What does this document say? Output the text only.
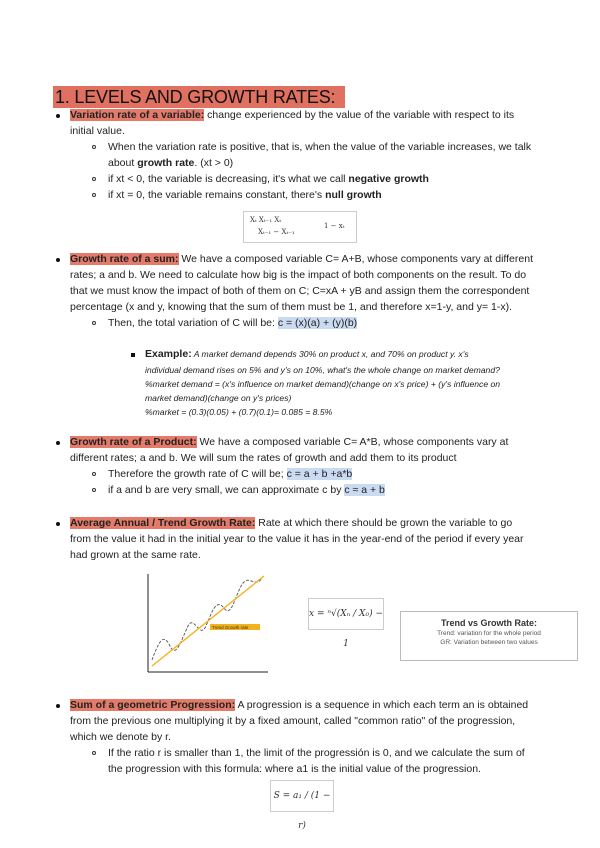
1. LEVELS AND GROWTH RATES:
Variation rate of a variable: change experienced by the value of the variable with respect to its
initial value.
When the variation rate is positive, that is, when the value of the variable increases, we talk
about growth rate. (xt > 0)
if xt < 0, the variable is decreasing, it's what we call negative growth
if xt = 0, the variable remains constant, there's null growth
Xₜ Xₜ₋₁ Xₜ
Xₜ₋₁ − Xₜ₋₁
1 − xₜ
Growth rate of a sum: We have a composed variable C= A+B, whose components vary at different
rates; a and b. We need to calculate how big is the impact of both components on the result. To do
that we must know the impact of both of them on C; C=xA + yB and assign them the correspondent
percentage (x and y, knowing that the sum of them must be 1, and therefore x=1-y, and y= 1-x).
Then, the total variation of C will be: c = (x)(a) + (y)(b)
Example: A market demand depends 30% on product x, and 70% on product y. x's
individual demand rises on 5% and y's on 10%, what's the whole change on market demand?
%market demand = (x's influence on market demand)(change on x's price) + (y's influence on
market demand)(change on y's prices)
%market = (0.3)(0.05) + (0.7)(0.1)= 0.085 = 8.5%
Growth rate of a Product: We have a composed variable C= A*B, whose components vary at
different rates; a and b. We will sum the rates of growth and add them to its product
Therefore the growth rate of C will be; c = a + b +a*b
if a and b are very small, we can approximate c by c ≈ a + b
Average Annual / Trend Growth Rate: Rate at which there should be grown the variable to go
from the value it had in the initial year to the value it has in the year-end of the period if every year
had grown at the same rate.
Trend Growth rate
x = ⁿ√(Xₙ / X₀) − 1
Trend vs Growth Rate:
Trend: variation for the whole period
GR: Variation between two values
Sum of a geometric Progression: A progression is a sequence in which each term an is obtained
from the previous one multiplying it by a fixed amount, called "common ratio" of the progression,
which we denote by r.
If the ratio r is smaller than 1, the limit of the progressión is 0, and we calculate the sum of
the progression with this formula: where a1 is the initial value of the progression.
S = a₁ / (1 − r)
